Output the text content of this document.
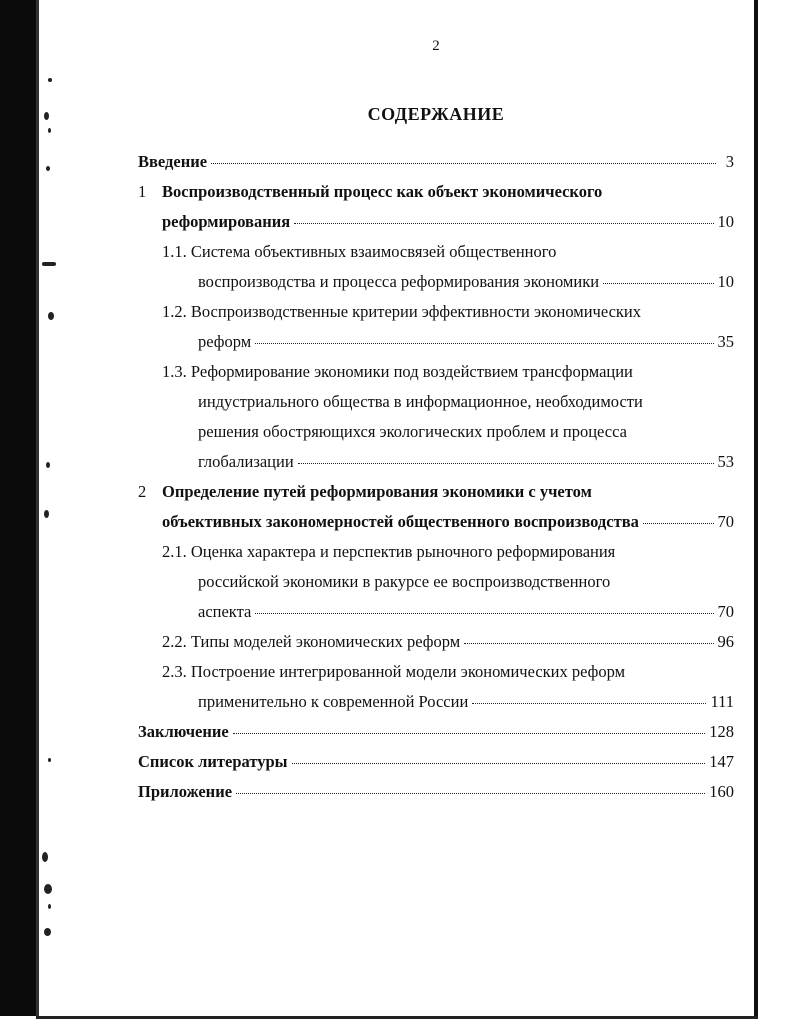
2
СОДЕРЖАНИЕ
Введение	3
1 Воспроизводственный процесс как объект экономического
реформирования	10
1.1. Система объективных взаимосвязей общественного
воспроизводства и процесса реформирования экономики	10
1.2. Воспроизводственные критерии эффективности экономических
реформ	35
1.3. Реформирование экономики под воздействием трансформации
индустриального общества в информационное, необходимости
решения обостряющихся экологических проблем и процесса
глобализации	53
2 Определение путей реформирования экономики с учетом
объективных закономерностей общественного воспроизводства	70
2.1. Оценка характера и перспектив рыночного реформирования
российской экономики в ракурсе ее воспроизводственного
аспекта	70
2.2. Типы моделей экономических реформ	96
2.3. Построение интегрированной модели экономических реформ
применительно к современной России	111
Заключение	128
Список литературы	147
Приложение	160
